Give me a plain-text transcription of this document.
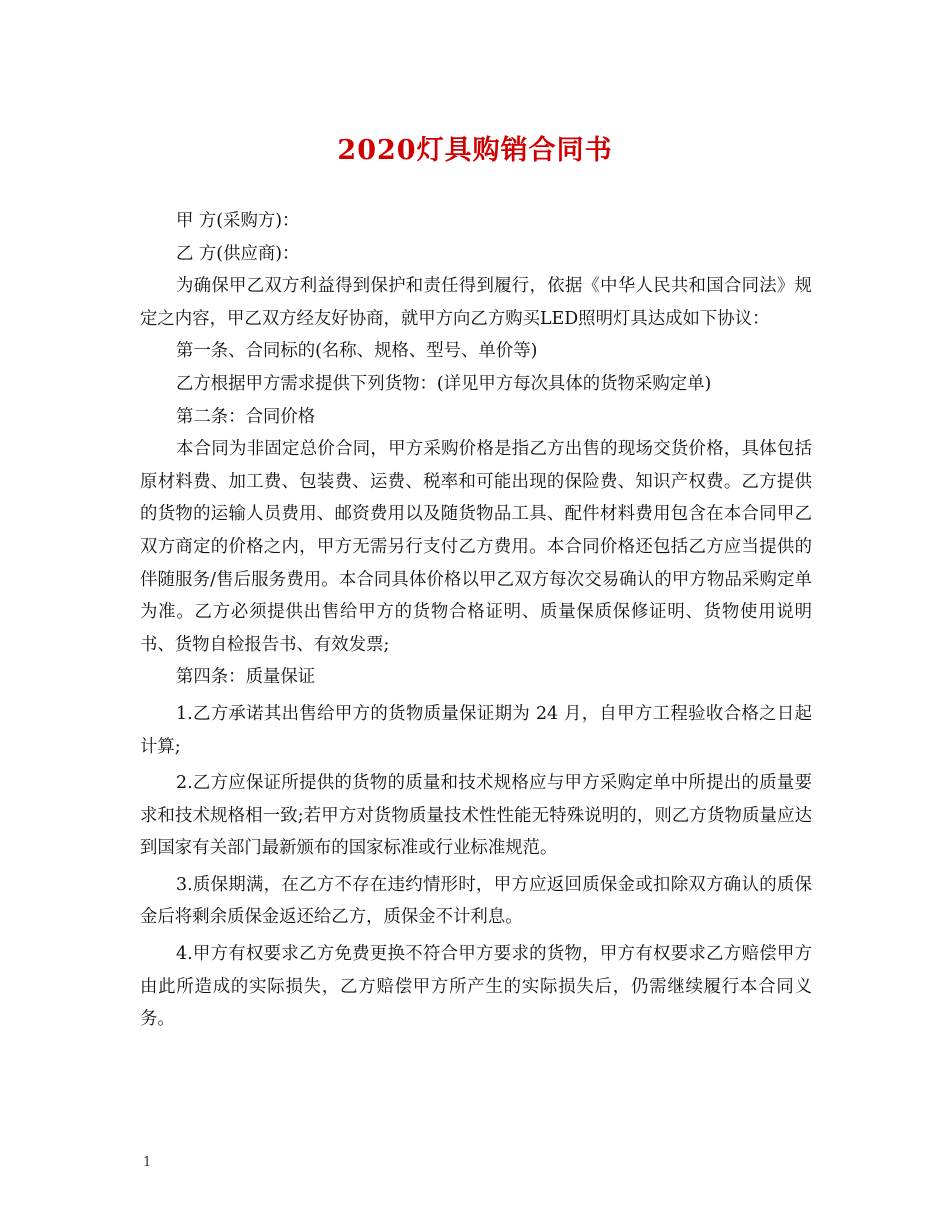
2020灯具购销合同书

甲 方(采购方)：

乙 方(供应商)：

为确保甲乙双方利益得到保护和责任得到履行，依据《中华人民共和国合同法》规定之内容，甲乙双方经友好协商，就甲方向乙方购买LED照明灯具达成如下协议：

第一条、合同标的(名称、规格、型号、单价等)

乙方根据甲方需求提供下列货物：(详见甲方每次具体的货物采购定单)

第二条：合同价格

本合同为非固定总价合同，甲方采购价格是指乙方出售的现场交货价格，具体包括原材料费、加工费、包装费、运费、税率和可能出现的保险费、知识产权费。乙方提供的货物的运输人员费用、邮资费用以及随货物品工具、配件材料费用包含在本合同甲乙双方商定的价格之内，甲方无需另行支付乙方费用。本合同价格还包括乙方应当提供的伴随服务/售后服务费用。本合同具体价格以甲乙双方每次交易确认的甲方物品采购定单为准。乙方必须提供出售给甲方的货物合格证明、质量保质保修证明、货物使用说明书、货物自检报告书、有效发票;

第四条：质量保证

1.乙方承诺其出售给甲方的货物质量保证期为 24 月，自甲方工程验收合格之日起计算;

2.乙方应保证所提供的货物的质量和技术规格应与甲方采购定单中所提出的质量要求和技术规格相一致;若甲方对货物质量技术性性能无特殊说明的，则乙方货物质量应达到国家有关部门最新颁布的国家标准或行业标准规范。

3.质保期满，在乙方不存在违约情形时，甲方应返回质保金或扣除双方确认的质保金后将剩余质保金返还给乙方，质保金不计利息。

4.甲方有权要求乙方免费更换不符合甲方要求的货物，甲方有权要求乙方赔偿甲方由此所造成的实际损失，乙方赔偿甲方所产生的实际损失后，仍需继续履行本合同义务。

1
